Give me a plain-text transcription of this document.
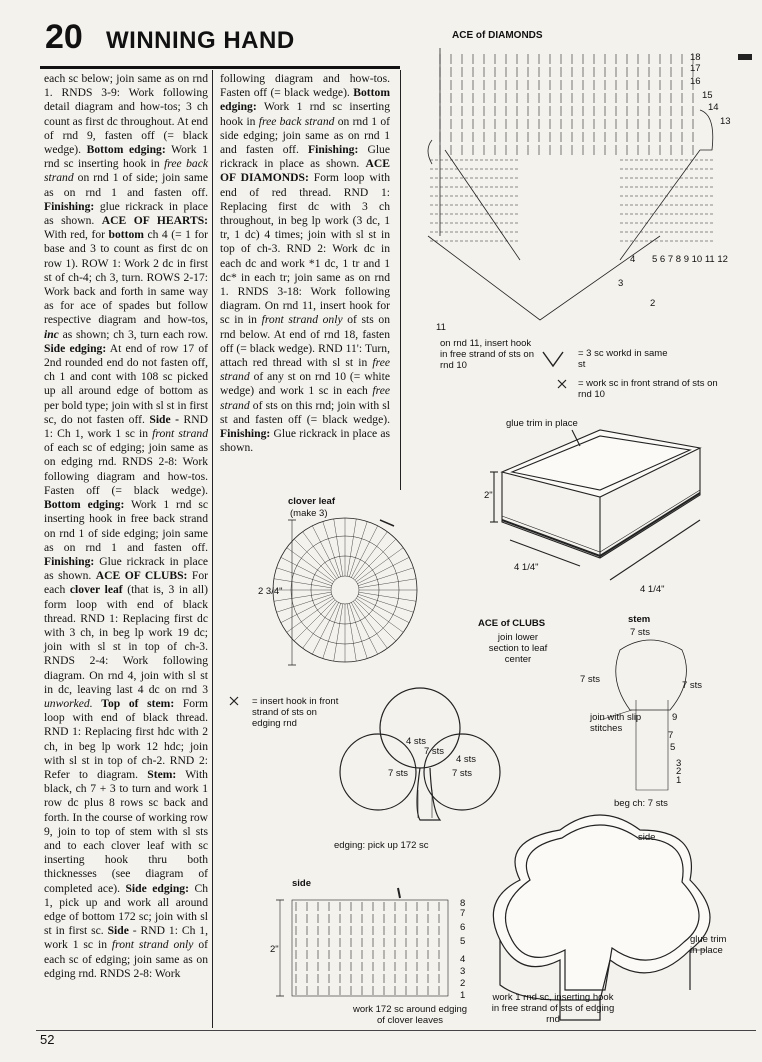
20 WINNING HAND

each sc below; join same as on rnd 1. RNDS 3-9: Work following detail diagram and how-tos; 3 ch count as first dc throughout. At end of rnd 9, fasten off (= black wedge). Bottom edging: Work 1 rnd sc inserting hook in free back strand on rnd 1 of side; join same as on rnd 1 and fasten off. Finishing: glue rickrack in place as shown. ACE OF HEARTS: With red, for bottom ch 4 (= 1 for base and 3 to count as first dc on row 1). ROW 1: Work 2 dc in first st of ch-4; ch 3, turn. ROWS 2-17: Work back and forth in same way as for ace of spades but follow respective diagram and how-tos, inc as shown; ch 3, turn each row. Side edging: At end of row 17 of 2nd rounded end do not fasten off, ch 1 and cont with 108 sc picked up all around edge of bottom as per bold type; join with sl st in first sc, do not fasten off. Side - RND 1: Ch 1, work 1 sc in front strand of each sc of edging; join same as on edging rnd. RNDS 2-8: Work following diagram and how-tos. Fasten off (= black wedge). Bottom edging: Work 1 rnd sc inserting hook in free back strand on rnd 1 of side edging; join same as on rnd 1 and fasten off. Finishing: Glue rickrack in place as shown. ACE OF CLUBS: For each clover leaf (that is, 3 in all) form loop with end of black thread. RND 1: Replacing first dc with 3 ch, in beg lp work 19 dc; join with sl st in top of ch-3. RNDS 2-4: Work following diagram. On rnd 4, join with sl st in dc, leaving last 4 dc on rnd 3 unworked. Top of stem: Form loop with end of black thread. RND 1: Replacing first hdc with 2 ch, in beg lp work 12 hdc; join with sl st in top of ch-2. RND 2: Refer to diagram. Stem: With black, ch 7 + 3 to turn and work 1 row dc plus 8 rows sc back and forth. In the course of working row 9, join to top of stem with sl sts and to each clover leaf with sc inserting hook thru both thicknesses (see diagram of completed ace). Side edging: Ch 1, pick up and work all around edge of bottom 172 sc; join with sl st in first sc. Side - RND 1: Ch 1, work 1 sc in front strand only of each sc of edging; join same as on edging rnd. RNDS 2-8: Work

following diagram and how-tos. Fasten off (= black wedge). Bottom edging: Work 1 rnd sc inserting hook in free back strand on rnd 1 of side edging; join same as on rnd 1 and fasten off. Finishing: Glue rickrack in place as shown. ACE OF DIAMONDS: Form loop with end of red thread. RND 1: Replacing first dc with 3 ch throughout, in beg lp work (3 dc, 1 tr, 1 dc) 4 times; join with sl st in top of ch-3. RND 2: Work dc in each dc and work *1 dc, 1 tr and 1 dc* in each tr; join same as on rnd 1. RNDS 3-18: Work following diagram. On rnd 11, insert hook for sc in in front strand only of sts on rnd below. At end of rnd 18, fasten off (= black wedge). RND 11': Turn, attach red thread with sl st in free strand of any st on rnd 10 (= white wedge) and work 1 sc in each free strand of sts on this rnd; join with sl st and fasten off (= black wedge). Finishing: Glue rickrack in place as shown.

ACE of DIAMONDS
18
17
16
15
14
13
4 5 6 7 8 9 10 11 12
3
2
11
on rnd 11, insert hook in free strand of sts on rnd 10
= 3 sc workd in same st
= work sc in front strand of sts on rnd 10
glue trim in place
2"
4 1/4"
4 1/4"
clover leaf
(make 3)
2 3/4"
ACE of CLUBS
join lower section to leaf center
stem
7 sts
7 sts
7 sts
join with slip stitches
9
7
5
3
2
1
beg ch: 7 sts
= insert hook in front strand of sts on edging rnd
4 sts
7 sts
4 sts
7 sts	7 sts
edging: pick up 172 sc
side
2"
8
7
6
5
4
3
2
1
work 172 sc around edging of clover leaves
side
glue trim in place
work 1 rnd sc, inserting hook in free strand of sts of edging rnd
52
